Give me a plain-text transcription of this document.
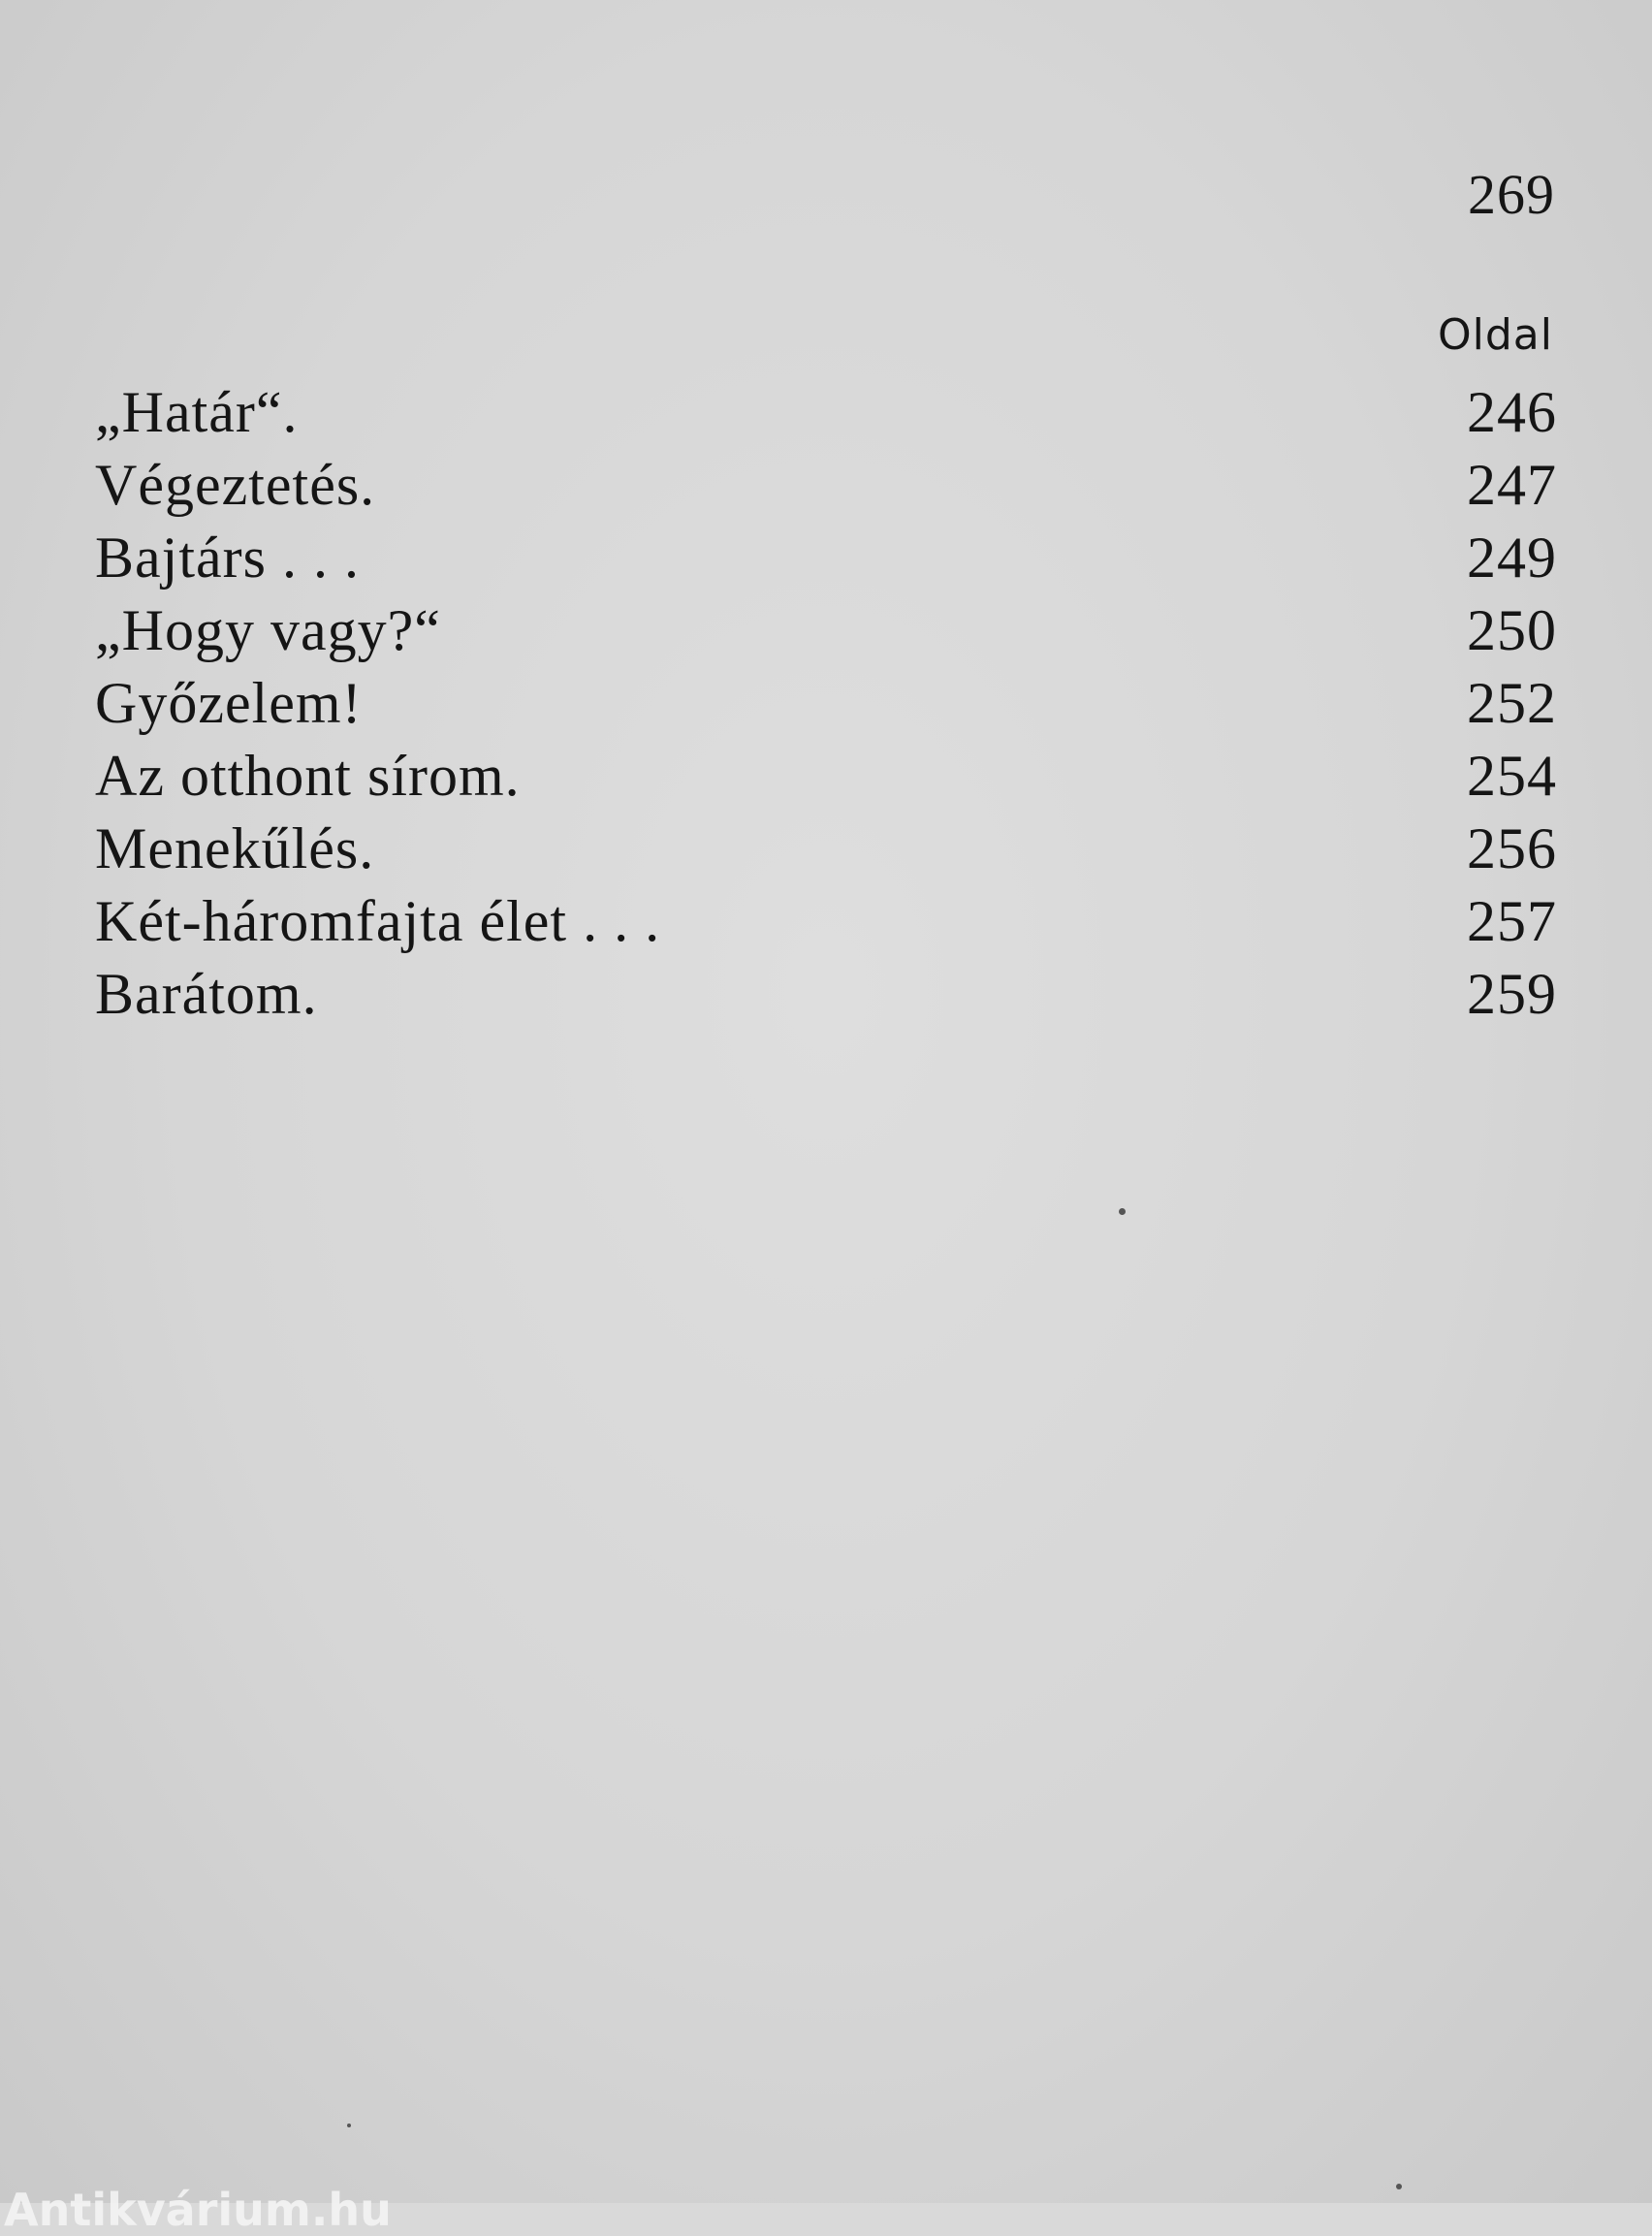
269
Oldal
„Határ“.	246
Végeztetés.	247
Bajtárs . . .	249
„Hogy vagy?“	250
Győzelem!	252
Az otthont sírom.	254
Menekűlés.	256
Két-háromfajta élet . . .	257
Barátom.	259
Antikvárium.hu
